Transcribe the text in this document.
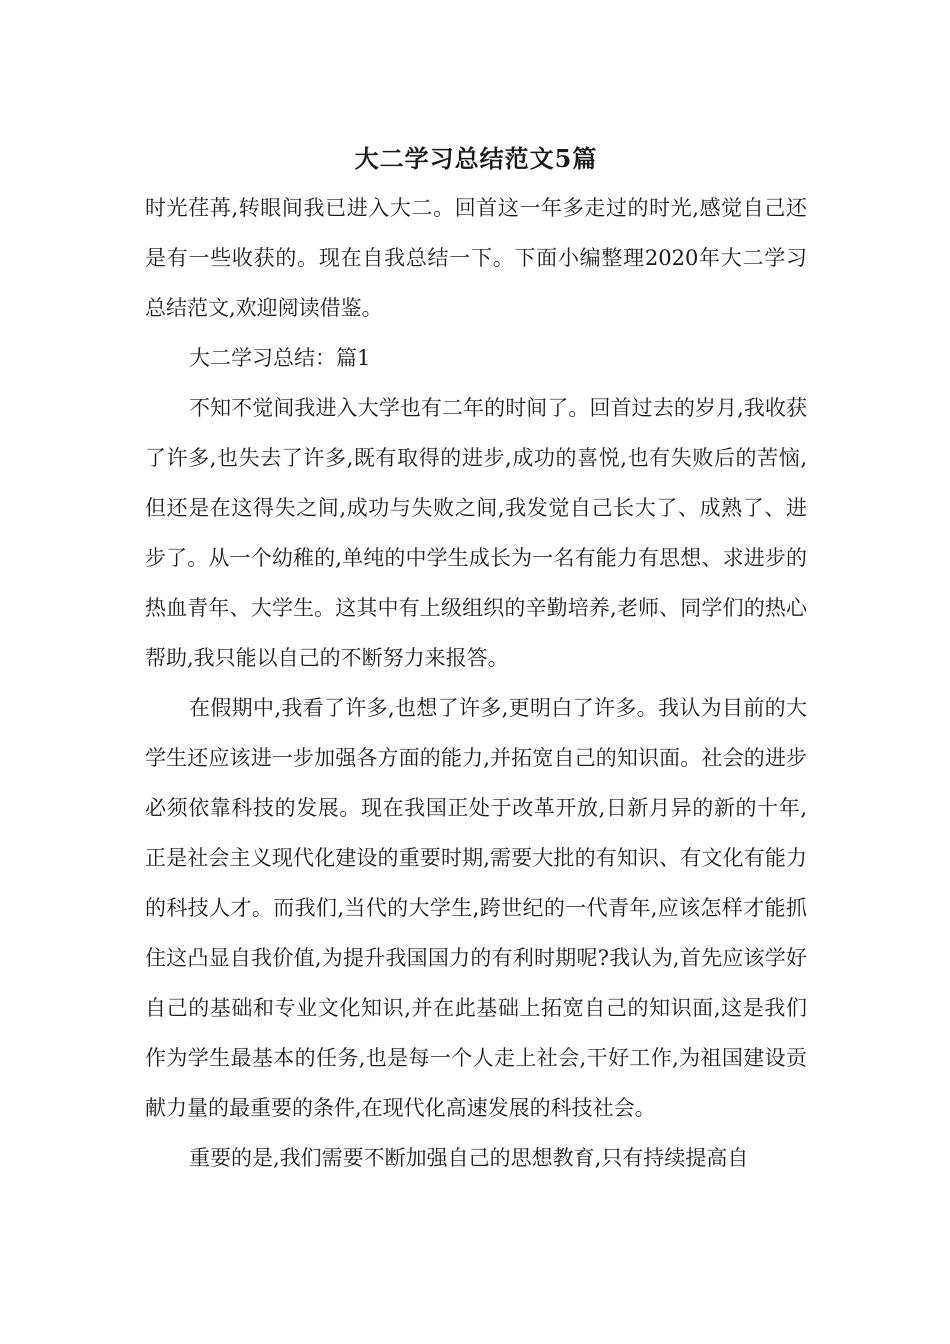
大二学习总结范文5篇

时光荏苒,转眼间我已进入大二。回首这一年多走过的时光,感觉自己还是有一些收获的。现在自我总结一下。下面小编整理2020年大二学习总结范文,欢迎阅读借鉴。

大二学习总结：篇1

不知不觉间我进入大学也有二年的时间了。回首过去的岁月,我收获了许多,也失去了许多,既有取得的进步,成功的喜悦,也有失败后的苦恼,但还是在这得失之间,成功与失败之间,我发觉自己长大了、成熟了、进步了。从一个幼稚的,单纯的中学生成长为一名有能力有思想、求进步的热血青年、大学生。这其中有上级组织的辛勤培养,老师、同学们的热心帮助,我只能以自己的不断努力来报答。

在假期中,我看了许多,也想了许多,更明白了许多。我认为目前的大学生还应该进一步加强各方面的能力,并拓宽自己的知识面。社会的进步必须依靠科技的发展。现在我国正处于改革开放,日新月异的新的十年,正是社会主义现代化建设的重要时期,需要大批的有知识、有文化有能力的科技人才。而我们,当代的大学生,跨世纪的一代青年,应该怎样才能抓住这凸显自我价值,为提升我国国力的有利时期呢?我认为,首先应该学好自己的基础和专业文化知识,并在此基础上拓宽自己的知识面,这是我们作为学生最基本的任务,也是每一个人走上社会,干好工作,为祖国建设贡献力量的最重要的条件,在现代化高速发展的科技社会。

重要的是,我们需要不断加强自己的思想教育,只有持续提高自
